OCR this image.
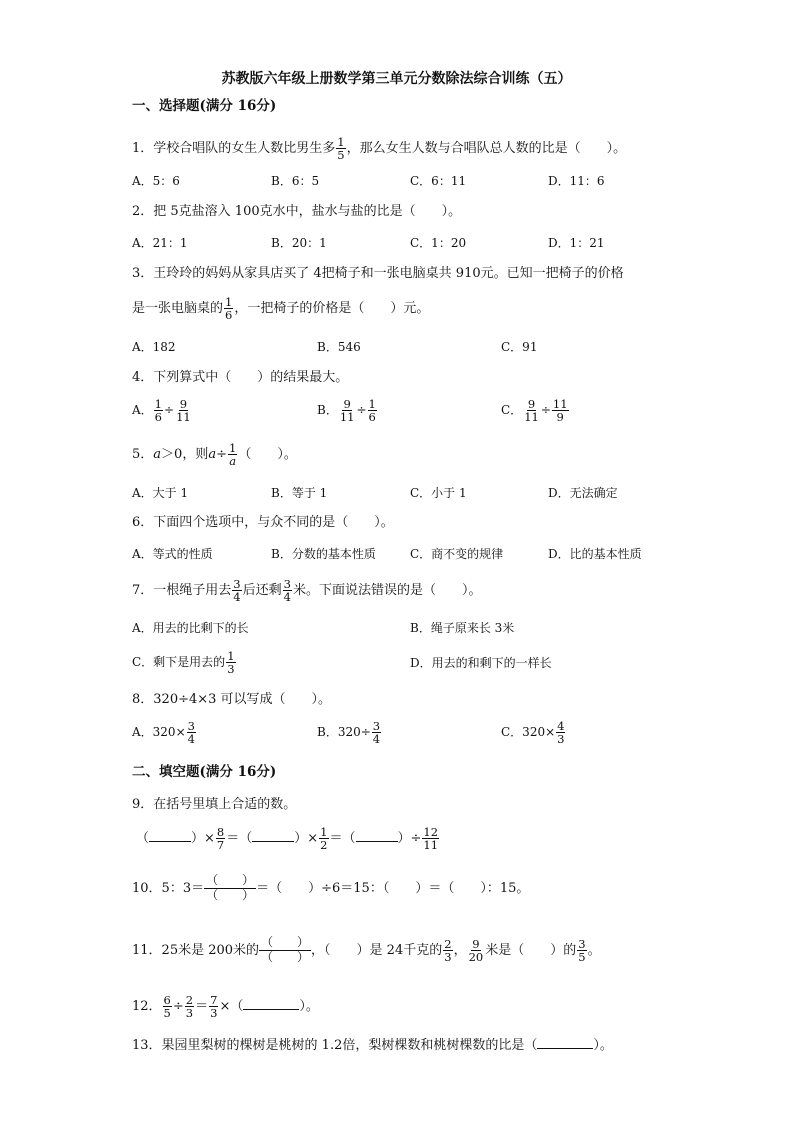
苏教版六年级上册数学第三单元分数除法综合训练（五）
一、选择题(满分 16分)
1．学校合唱队的女生人数比男生多 $\frac{1}{5}$ ，那么女生人数与合唱队总人数的比是（　　）。
A．5：6	B．6：5	C．6：11	D．11：6
2．把 5克盐溶入 100克水中，盐水与盐的比是（　　）。
A．21：1	B．20：1	C．1：20	D．1：21
3．王玲玲的妈妈从家具店买了 4把椅子和一张电脑桌共 910元。已知一把椅子的价格
是一张电脑桌的 $\frac{1}{6}$ ，一把椅子的价格是（　　）元。
A．182	B．546	C．91
4．下列算式中（　　）的结果最大。
A． $\frac{1}{6} \div \frac{9}{11}$	B． $\frac{9}{11} \div \frac{1}{6}$	C． $\frac{9}{11} \div \frac{11}{9}$
5．a＞0，则$a\div \frac{1}{a}$ （　　）。
A．大于 1	B．等于 1	C．小于 1	D．无法确定
6．下面四个选项中，与众不同的是（　　）。
A．等式的性质	B．分数的基本性质	C．商不变的规律	D．比的基本性质
7．一根绳子用去 $\frac{3}{4}$ 后还剩 $\frac{3}{4}$ 米。下面说法错误的是（　　）。
A．用去的比剩下的长	B．绳子原来长 3米
C．剩下是用去的 $\frac{1}{3}$	D．用去的和剩下的一样长
8．320÷4×3 可以写成（　　）。
A．$320\times \frac{3}{4}$	B．$320\div \frac{3}{4}$	C．$320\times \frac{4}{3}$
二、填空题(满分 16分)
9．在括号里填上合适的数。
（	）× $\frac{8}{7}$ ＝（	）× $\frac{1}{2}$ ＝（	）÷ $\frac{12}{11}$
10．5：3＝
（　　）
（　　） ＝（　　）÷6＝15：（　　）＝（　　）：15。
11．25米是 200米的
（　　）
（　　） ，（　　）是 24千克的 $\frac{2}{3}$ ， $\frac{9}{20}$ 米是（　　）的 $\frac{3}{5}$ 。
12． $\frac{6}{5} \div \frac{2}{3} = \frac{7}{3}$ ×（	）。
13．果园里梨树的棵树是桃树的 1.2倍，梨树棵数和桃树棵数的比是（	）。
